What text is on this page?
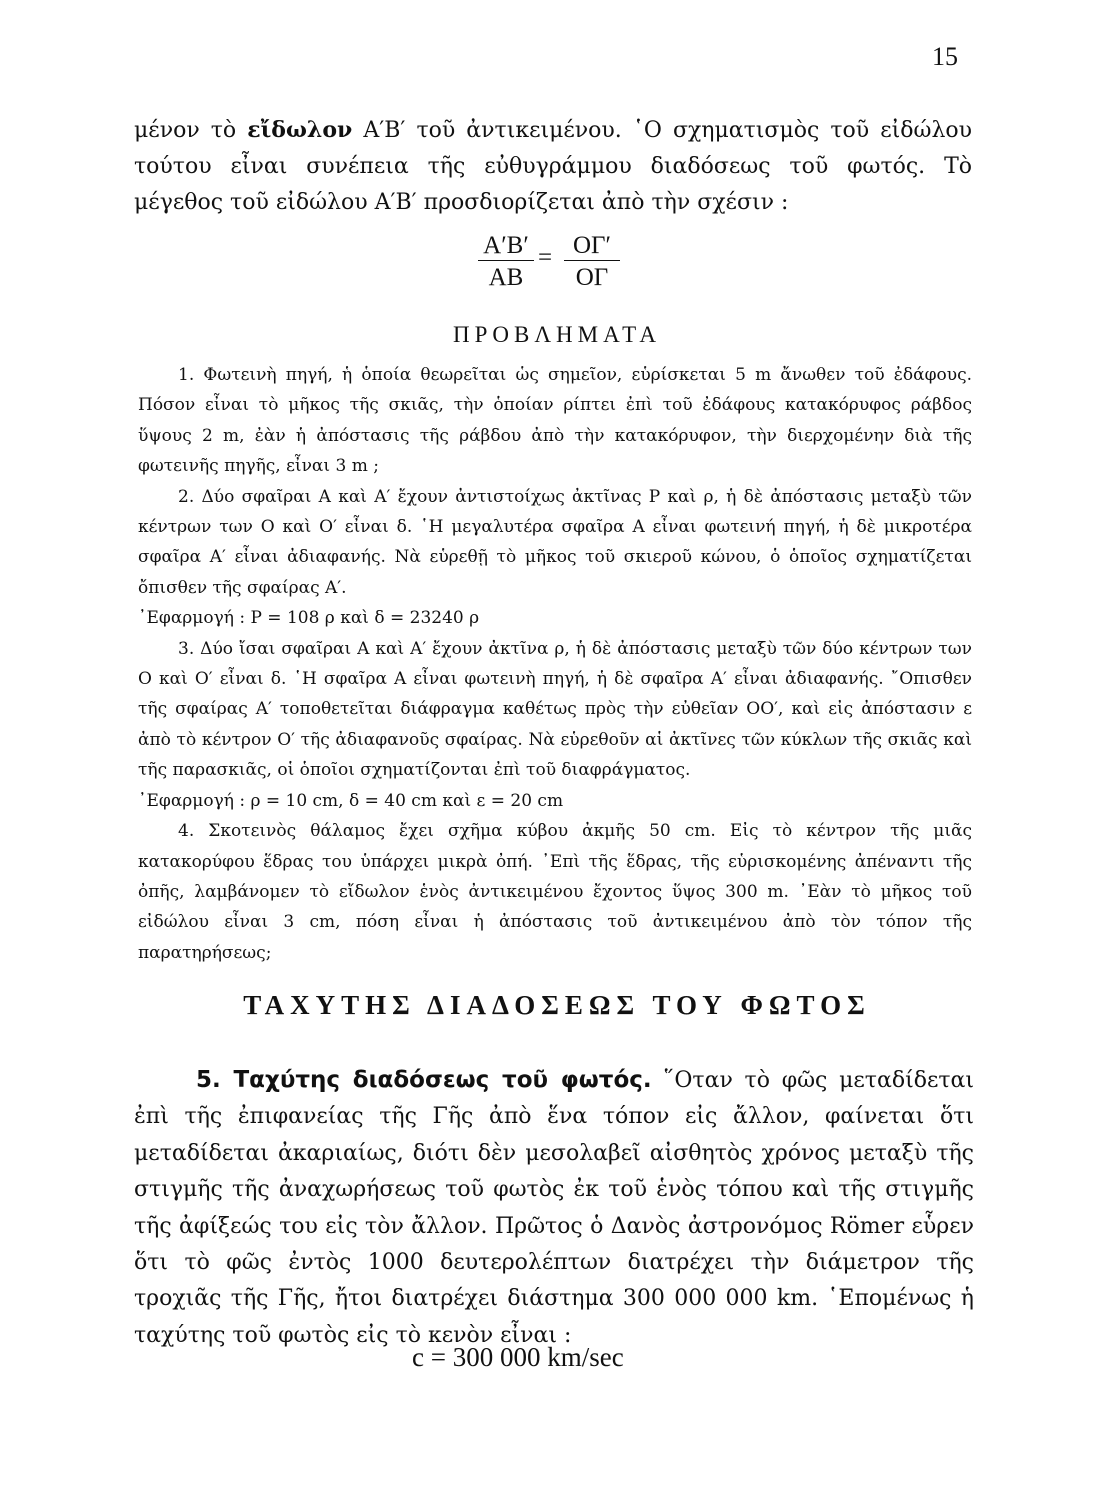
15
μένον τὸ εἴδωλον Α′Β′ τοῦ ἀντικειμένου. ῾Ο σχηματισμὸς τοῦ εἰδώλου τούτου εἶναι συνέπεια τῆς εὐθυγράμμου διαδόσεως τοῦ φωτός. Τὸ μέγεθος τοῦ εἰδώλου Α′Β′ προσδιορίζεται ἀπὸ τὴν σχέσιν :
$\frac{A'B'}{AB} = \frac{O\Gamma'}{O\Gamma}$
ΠΡΟΒΛΗΜΑΤΑ

1. Φωτεινὴ πηγή, ἡ ὁποία θεωρεῖται ὡς σημεῖον, εὑρίσκεται 5 m ἄνωθεν τοῦ ἐδάφους. Πόσον εἶναι τὸ μῆκος τῆς σκιᾶς, τὴν ὁποίαν ρίπτει ἐπὶ τοῦ ἐδάφους κατακόρυφος ράβδος ὕψους 2 m, ἐὰν ἡ ἀπόστασις τῆς ράβδου ἀπὸ τὴν κατακόρυφον, τὴν διερχομένην διὰ τῆς φωτεινῆς πηγῆς, εἶναι 3 m ;

2. Δύο σφαῖραι Α καὶ Α′ ἔχουν ἀντιστοίχως ἀκτῖνας Ρ καὶ ρ, ἡ δὲ ἀπόστασις μεταξὺ τῶν κέντρων των Ο καὶ Ο′ εἶναι δ. ῾Η μεγαλυτέρα σφαῖρα Α εἶναι φωτεινή πηγή, ἡ δὲ μικροτέρα σφαῖρα Α′ εἶναι ἀδιαφανής. Νὰ εὑρεθῇ τὸ μῆκος τοῦ σκιεροῦ κώνου, ὁ ὁποῖος σχηματίζεται ὄπισθεν τῆς σφαίρας Α′.

᾿Εφαρμογή : Ρ = 108 ρ καὶ δ = 23240 ρ

3. Δύο ἴσαι σφαῖραι Α καὶ Α′ ἔχουν ἀκτῖνα ρ, ἡ δὲ ἀπόστασις μεταξὺ τῶν δύο κέντρων των Ο καὶ Ο′ εἶναι δ. ῾Η σφαῖρα Α εἶναι φωτεινὴ πηγή, ἡ δὲ σφαῖρα Α′ εἶναι ἀδιαφανής. ῎Οπισθεν τῆς σφαίρας Α′ τοποθετεῖται διάφραγμα καθέτως πρὸς τὴν εὐθεῖαν ΟΟ′, καὶ εἰς ἀπόστασιν ε ἀπὸ τὸ κέντρον Ο′ τῆς ἀδιαφανοῦς σφαίρας. Νὰ εὑρεθοῦν αἱ ἀκτῖνες τῶν κύκλων τῆς σκιᾶς καὶ τῆς παρασκιᾶς, οἱ ὁποῖοι σχηματίζονται ἐπὶ τοῦ διαφράγματος.

᾿Εφαρμογή : ρ = 10 cm, δ = 40 cm καὶ ε = 20 cm

4. Σκοτεινὸς θάλαμος ἔχει σχῆμα κύβου ἀκμῆς 50 cm. Εἰς τὸ κέντρον τῆς μιᾶς κατακορύφου ἕδρας του ὑπάρχει μικρὰ ὀπή. ᾿Επὶ τῆς ἕδρας, τῆς εὑρισκομένης ἀπέναντι τῆς ὀπῆς, λαμβάνομεν τὸ εἴδωλον ἑνὸς ἀντικειμένου ἔχοντος ὕψος 300 m. ᾿Εὰν τὸ μῆκος τοῦ εἰδώλου εἶναι 3 cm, πόση εἶναι ἡ ἀπόστασις τοῦ ἀντικειμένου ἀπὸ τὸν τόπον τῆς παρατηρήσεως;

ΤΑΧΥΤΗΣ ΔΙΑΔΟΣΕΩΣ ΤΟΥ ΦΩΤΟΣ

5. Ταχύτης διαδόσεως τοῦ φωτός. ῞Οταν τὸ φῶς μεταδίδεται ἐπὶ τῆς ἐπιφανείας τῆς Γῆς ἀπὸ ἕνα τόπον εἰς ἄλλον, φαίνεται ὅτι μεταδίδεται ἀκαριαίως, διότι δὲν μεσολαβεῖ αἰσθητὸς χρόνος μεταξὺ τῆς στιγμῆς τῆς ἀναχωρήσεως τοῦ φωτὸς ἐκ τοῦ ἑνὸς τόπου καὶ τῆς στιγμῆς τῆς ἀφίξεώς του εἰς τὸν ἄλλον. Πρῶτος ὁ Δανὸς ἀστρονόμος Römer εὗρεν ὅτι τὸ φῶς ἐντὸς 1000 δευτερολέπτων διατρέχει τὴν διάμετρον τῆς τροχιᾶς τῆς Γῆς, ἤτοι διατρέχει διάστημα 300 000 000 km. ῾Επομένως ἡ ταχύτης τοῦ φωτὸς εἰς τὸ κενὸν εἶναι :

c = 300 000 km/sec
